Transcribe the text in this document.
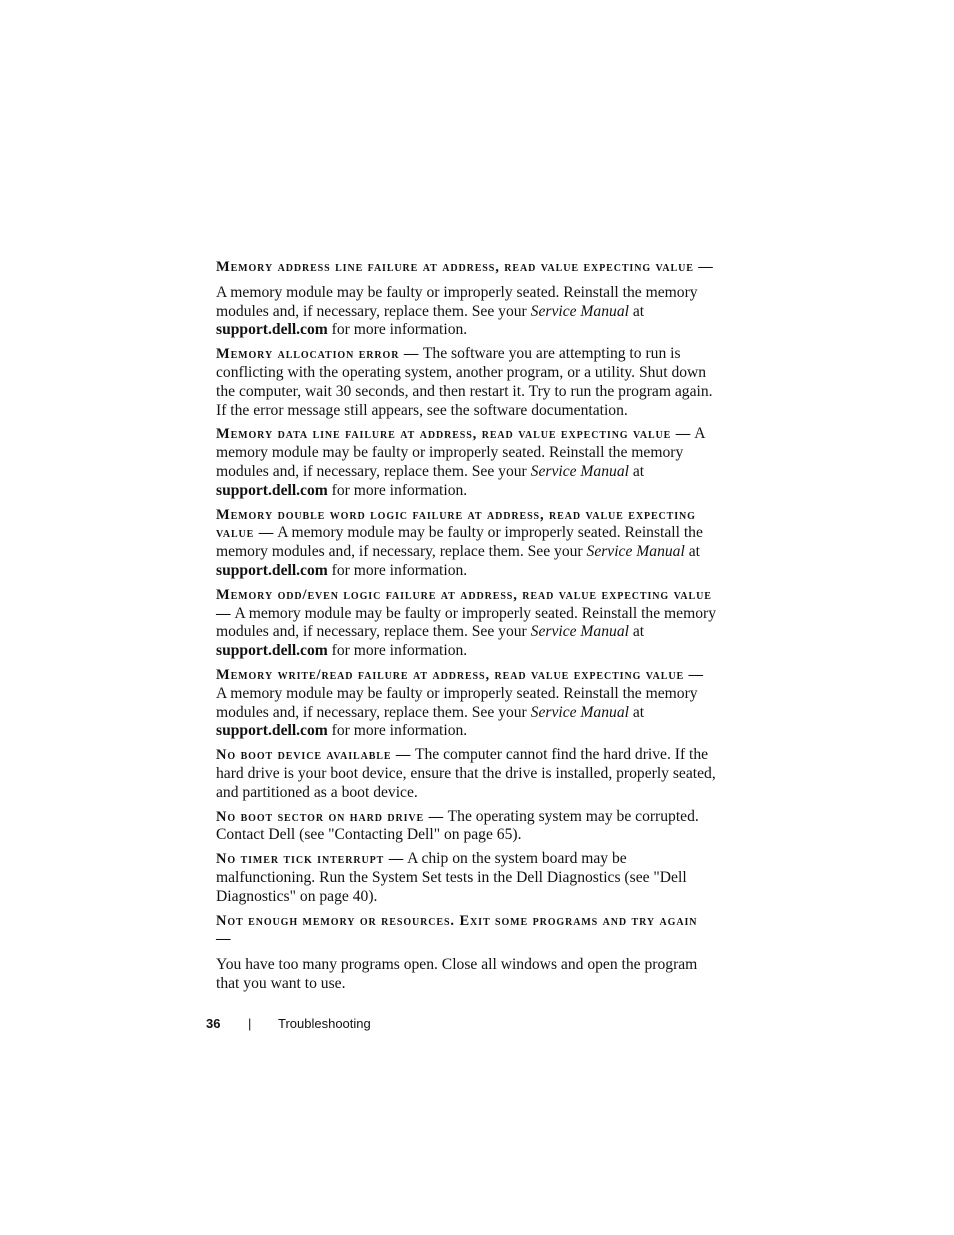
Memory address line failure at address, read value expecting value —
A memory module may be faulty or improperly seated. Reinstall the memory modules and, if necessary, replace them. See your Service Manual at support.dell.com for more information.
Memory allocation error — The software you are attempting to run is conflicting with the operating system, another program, or a utility. Shut down the computer, wait 30 seconds, and then restart it. Try to run the program again. If the error message still appears, see the software documentation.
Memory data line failure at address, read value expecting value — A memory module may be faulty or improperly seated. Reinstall the memory modules and, if necessary, replace them. See your Service Manual at support.dell.com for more information.
Memory double word logic failure at address, read value expecting value — A memory module may be faulty or improperly seated. Reinstall the memory modules and, if necessary, replace them. See your Service Manual at support.dell.com for more information.
Memory odd/even logic failure at address, read value expecting value — A memory module may be faulty or improperly seated. Reinstall the memory modules and, if necessary, replace them. See your Service Manual at support.dell.com for more information.
Memory write/read failure at address, read value expecting value — A memory module may be faulty or improperly seated. Reinstall the memory modules and, if necessary, replace them. See your Service Manual at support.dell.com for more information.
No boot device available — The computer cannot find the hard drive. If the hard drive is your boot device, ensure that the drive is installed, properly seated, and partitioned as a boot device.
No boot sector on hard drive — The operating system may be corrupted. Contact Dell (see "Contacting Dell" on page 65).
No timer tick interrupt — A chip on the system board may be malfunctioning. Run the System Set tests in the Dell Diagnostics (see "Dell Diagnostics" on page 40).
Not enough memory or resources. Exit some programs and try again —
You have too many programs open. Close all windows and open the program that you want to use.
36 | Troubleshooting
